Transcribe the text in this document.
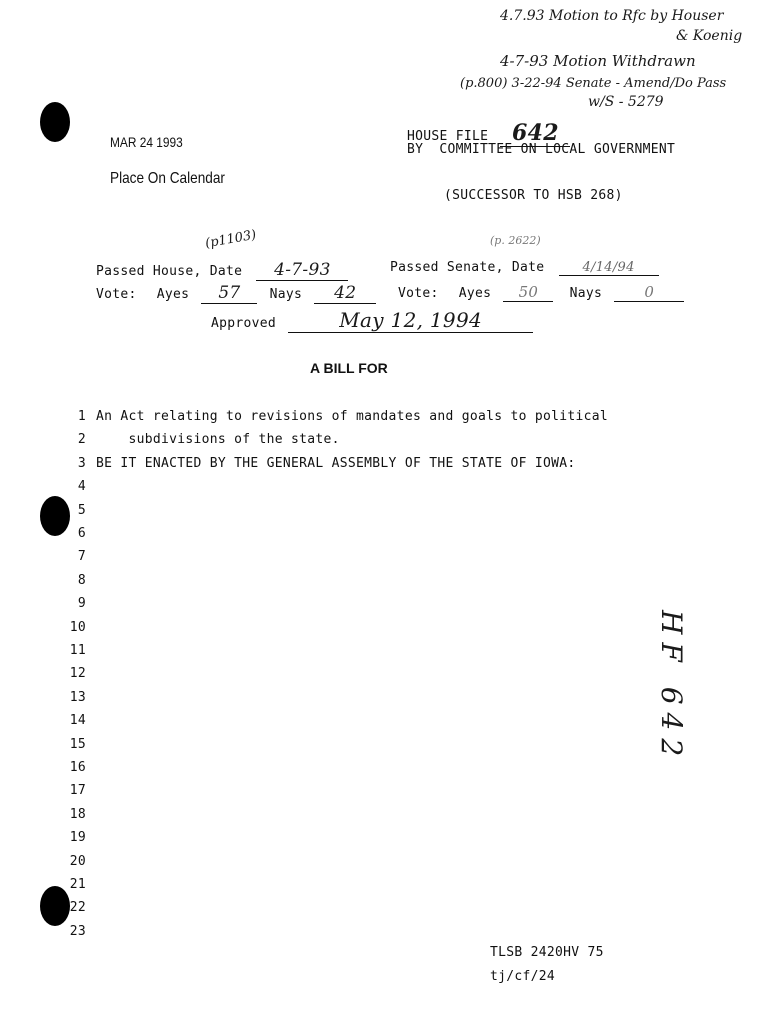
4.7.93 Motion to Rfc by Houser
& Koenig
4-7-93 Motion Withdrawn
(p.800) 3-22-94 Senate - Amend/Do Pass
w/S - 5279
HF 642
MAR 24 1993
Place On Calendar
HOUSE FILE 642
BY COMMITTEE ON LOCAL GOVERNMENT
(SUCCESSOR TO HSB 268)
(p1103)	(p. 2622)
Passed House, Date 4-7-93	Passed Senate, Date	4/14/94
Vote: Ayes 57 Nays 42	Vote: Ayes 50 Nays	0
Approved	May 12, 1994
A BILL FOR
1 An Act relating to revisions of mandates and goals to political
2 subdivisions of the state.
3 BE IT ENACTED BY THE GENERAL ASSEMBLY OF THE STATE OF IOWA:
4
5
6
7
8
9
10
11
12
13
14
15
16
17
18
19
20
21
22
23
TLSB 2420HV 75
tj/cf/24
